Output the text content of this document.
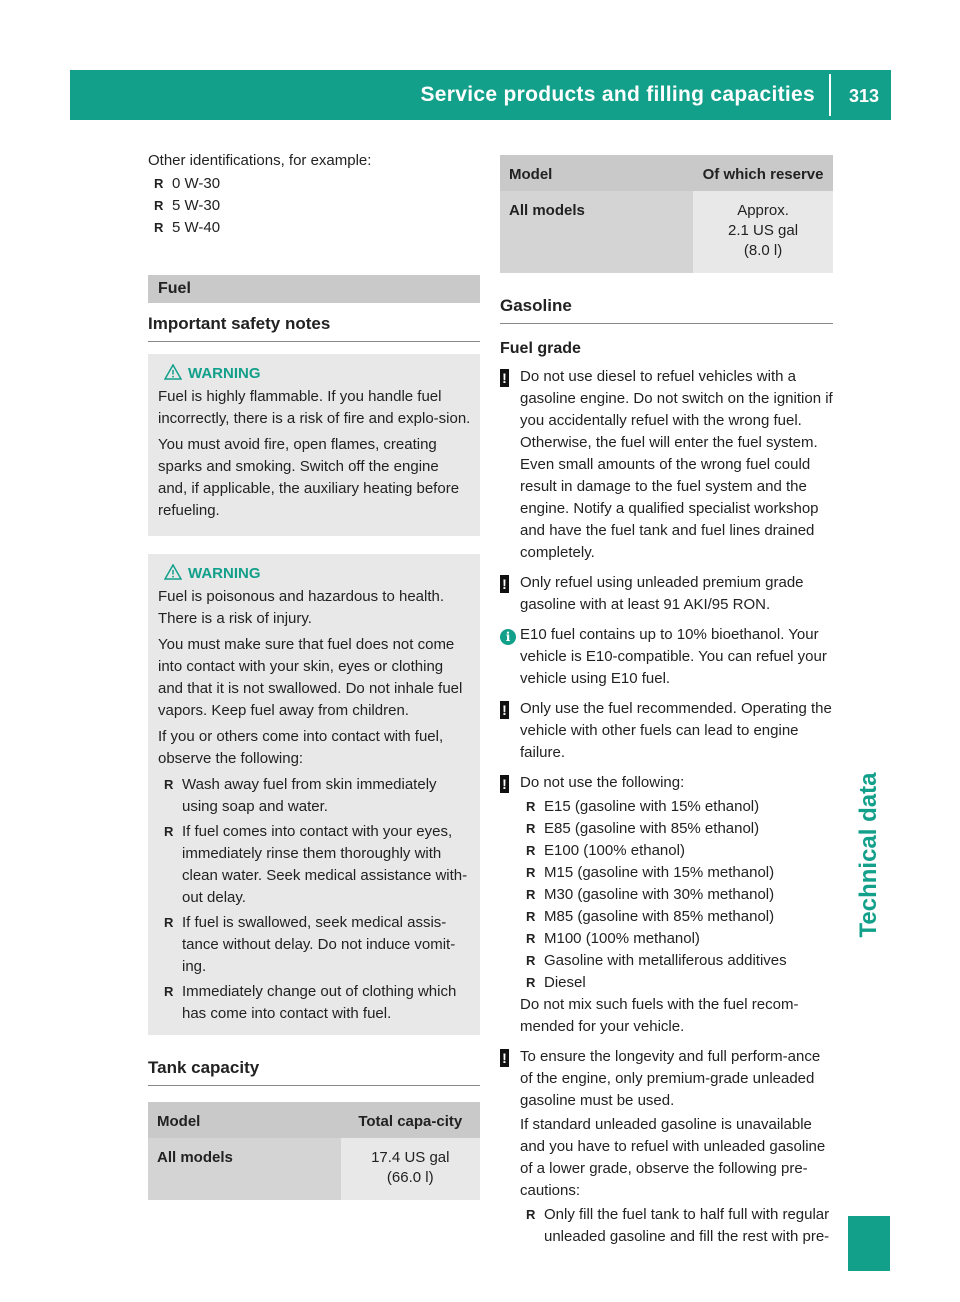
Service products and filling capacities 313
Technical data

Other identifications, for example:

R 0 W-30
R 5 W-30
R 5 W-40
Fuel

Important safety notes

WARNING

Fuel is highly flammable. If you handle fuel incorrectly, there is a risk of fire and explo-sion.

You must avoid fire, open flames, creating sparks and smoking. Switch off the engine and, if applicable, the auxiliary heating before refueling.

WARNING

Fuel is poisonous and hazardous to health. There is a risk of injury.

You must make sure that fuel does not come into contact with your skin, eyes or clothing and that it is not swallowed. Do not inhale fuel vapors. Keep fuel away from children.

If you or others come into contact with fuel, observe the following:

R Wash away fuel from skin immediately using soap and water.
R If fuel comes into contact with your eyes, immediately rinse them thoroughly with clean water. Seek medical assistance with-out delay.
R If fuel is swallowed, seek medical assis-tance without delay. Do not induce vomit-ing.
R Immediately change out of clothing which has come into contact with fuel.

Tank capacity

Model	Total capa-city
All models	17.4 US gal
(66.0 l)
Model	Of which reserve
All models	Approx.
2.1 US gal
(8.0 l)

Gasoline

Fuel grade

! Do not use diesel to refuel vehicles with a gasoline engine. Do not switch on the ignition if you accidentally refuel with the wrong fuel. Otherwise, the fuel will enter the fuel system. Even small amounts of the wrong fuel could result in damage to the fuel system and the engine. Notify a qualified specialist workshop and have the fuel tank and fuel lines drained completely.
! Only refuel using unleaded premium grade gasoline with at least 91 AKI/95 RON.
i E10 fuel contains up to 10% bioethanol. Your vehicle is E10-compatible. You can refuel your vehicle using E10 fuel.
! Only use the fuel recommended. Operating the vehicle with other fuels can lead to engine failure.
! Do not use the following:
R E15 (gasoline with 15% ethanol)
R E85 (gasoline with 85% ethanol)
R E100 (100% ethanol)
R M15 (gasoline with 15% methanol)
R M30 (gasoline with 30% methanol)
R M85 (gasoline with 85% methanol)
R M100 (100% methanol)
R Gasoline with metalliferous additives
R Diesel

Do not mix such fuels with the fuel recom-mended for your vehicle.

! To ensure the longevity and full perform-ance of the engine, only premium-grade unleaded gasoline must be used.

If standard unleaded gasoline is unavailable and you have to refuel with unleaded gasoline of a lower grade, observe the following pre-cautions:

R Only fill the fuel tank to half full with regular unleaded gasoline and fill the rest with pre-
